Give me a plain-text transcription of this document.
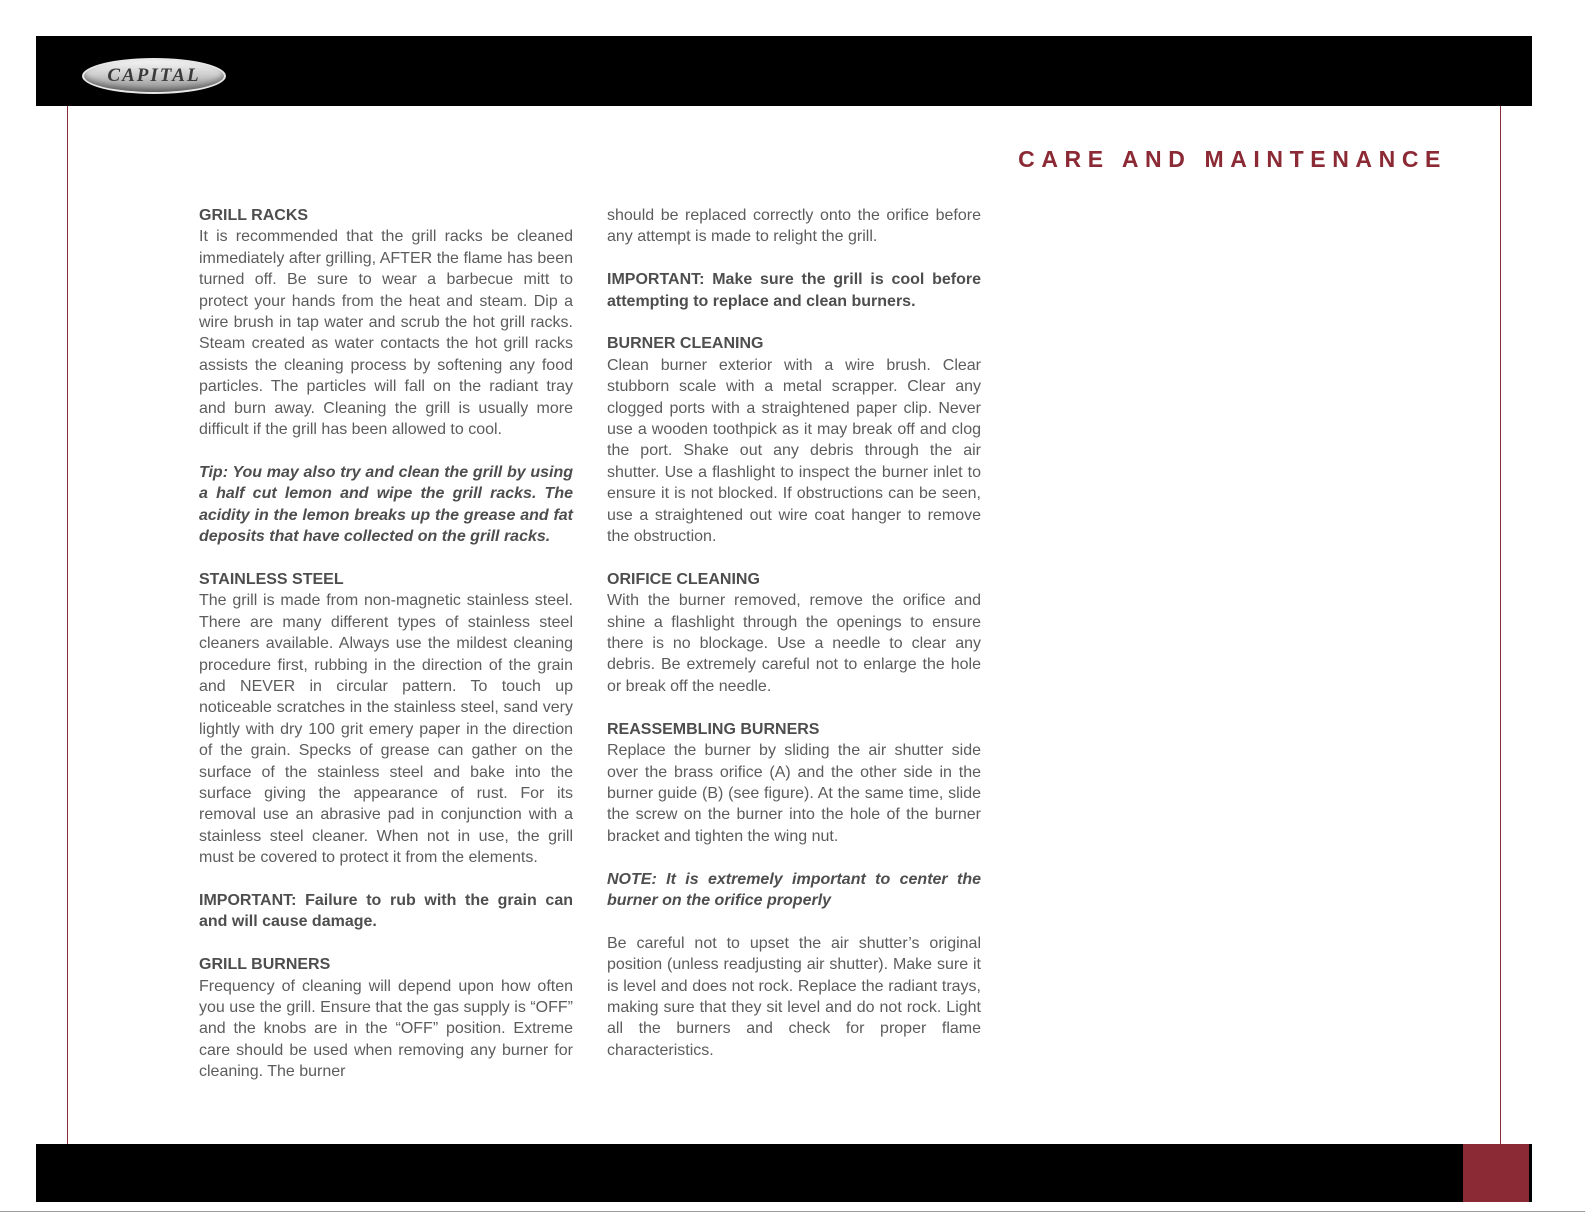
CAPITAL
CARE AND MAINTENANCE

GRILL RACKS
It is recommended that the grill racks be cleaned immediately after grilling, AFTER the flame has been turned off. Be sure to wear a barbecue mitt to protect your hands from the heat and steam. Dip a wire brush in tap water and scrub the hot grill racks. Steam created as water contacts the hot grill racks assists the cleaning process by softening any food particles. The particles will fall on the radiant tray and burn away. Cleaning the grill is usually more difficult if the grill has been allowed to cool.

Tip: You may also try and clean the grill by using a half cut lemon and wipe the grill racks. The acidity in the lemon breaks up the grease and fat deposits that have collected on the grill racks.

STAINLESS STEEL
The grill is made from non-magnetic stainless steel. There are many different types of stainless steel cleaners available. Always use the mildest cleaning procedure first, rubbing in the direction of the grain and NEVER in circular pattern. To touch up noticeable scratches in the stainless steel, sand very lightly with dry 100 grit emery paper in the direction of the grain. Specks of grease can gather on the surface of the stainless steel and bake into the surface giving the appearance of rust. For its removal use an abrasive pad in conjunction with a stainless steel cleaner. When not in use, the grill must be covered to protect it from the elements.

IMPORTANT: Failure to rub with the grain can and will cause damage.

GRILL BURNERS
Frequency of cleaning will depend upon how often you use the grill. Ensure that the gas supply is “OFF” and the knobs are in the “OFF” position. Extreme care should be used when removing any burner for cleaning. The burner

should be replaced correctly onto the orifice before any attempt is made to relight the grill.

IMPORTANT: Make sure the grill is cool before attempting to replace and clean burners.

BURNER CLEANING
Clean burner exterior with a wire brush. Clear stubborn scale with a metal scrapper. Clear any clogged ports with a straightened paper clip. Never use a wooden toothpick as it may break off and clog the port. Shake out any debris through the air shutter. Use a flashlight to inspect the burner inlet to ensure it is not blocked. If obstructions can be seen, use a straightened out wire coat hanger to remove the obstruction.

ORIFICE CLEANING
With the burner removed, remove the orifice and shine a flashlight through the openings to ensure there is no blockage. Use a needle to clear any debris. Be extremely careful not to enlarge the hole or break off the needle.

REASSEMBLING BURNERS
Replace the burner by sliding the air shutter side over the brass orifice (A) and the other side in the burner guide (B) (see figure). At the same time, slide the screw on the burner into the hole of the burner bracket and tighten the wing nut.

NOTE: It is extremely important to center the burner on the orifice properly

Be careful not to upset the air shutter’s original position (unless readjusting air shutter). Make sure it is level and does not rock. Replace the radiant trays, making sure that they sit level and do not rock. Light all the burners and check for proper flame characteristics.
